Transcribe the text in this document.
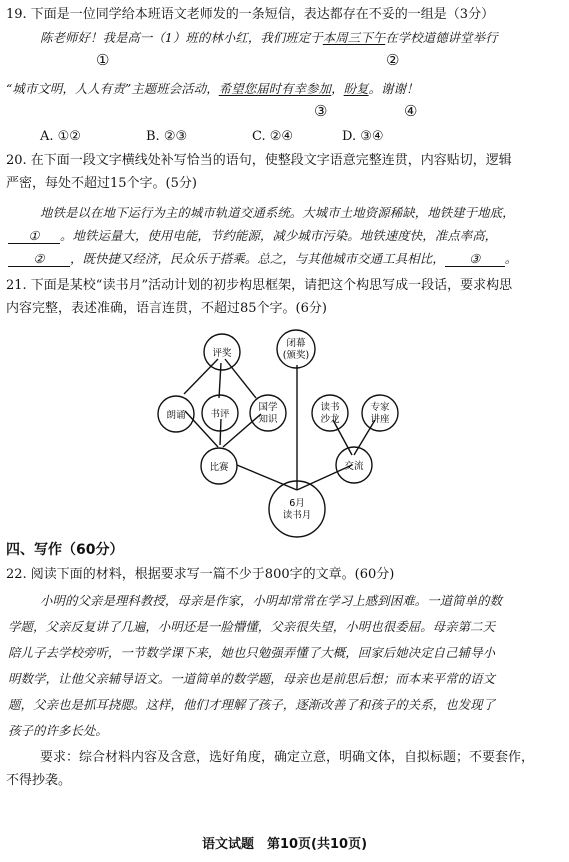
19. 下面是一位同学给本班语文老师发的一条短信，表达都存在不妥的一组是（3分）
陈老师好！我是高一（1）班的林小红，我们班定于本周三下午在学校道德讲堂举行
①	②
“城市文明，人人有责”主题班会活动，希望您届时有幸参加，盼复。谢谢！
③	④
A. ①②	B. ②③	C. ②④	D. ③④
20. 在下面一段文字横线处补写恰当的语句，使整段文字语意完整连贯，内容贴切，逻辑
严密，每处不超过15个字。(5分)
地铁是以在地下运行为主的城市轨道交通系统。大城市土地资源稀缺，地铁建于地底，
① 。地铁运量大，使用电能，节约能源，减少城市污染。地铁速度快，准点率高，
② ，既快捷又经济，民众乐于搭乘。总之，与其他城市交通工具相比， ③ 。
21. 下面是某校“读书月”活动计划的初步构思框架，请把这个构思写成一段话，要求构思
内容完整，表述准确，语言连贯，不超过85个字。(6分)
6月
读书月
评奖
闭幕
(颁奖)
朗诵	书评
国学
知识
比赛
读书
沙龙
专家
讲座
交流
四、写作（60分）
22. 阅读下面的材料，根据要求写一篇不少于800字的文章。(60分)
小明的父亲是理科教授，母亲是作家，小明却常常在学习上感到困难。一道简单的数
学题，父亲反复讲了几遍，小明还是一脸懵懂，父亲很失望，小明也很委屈。母亲第二天
陪儿子去学校旁听，一节数学课下来，她也只勉强弄懂了大概，回家后她决定自己辅导小
明数学，让他父亲辅导语文。一道简单的数学题，母亲也是前思后想；而本来平常的语文
题，父亲也是抓耳挠腮。这样，他们才理解了孩子，逐渐改善了和孩子的关系，也发现了
孩子的许多长处。
要求：综合材料内容及含意，选好角度，确定立意，明确文体，自拟标题；不要套作，
不得抄袭。
语文试题　第10页(共10页)
